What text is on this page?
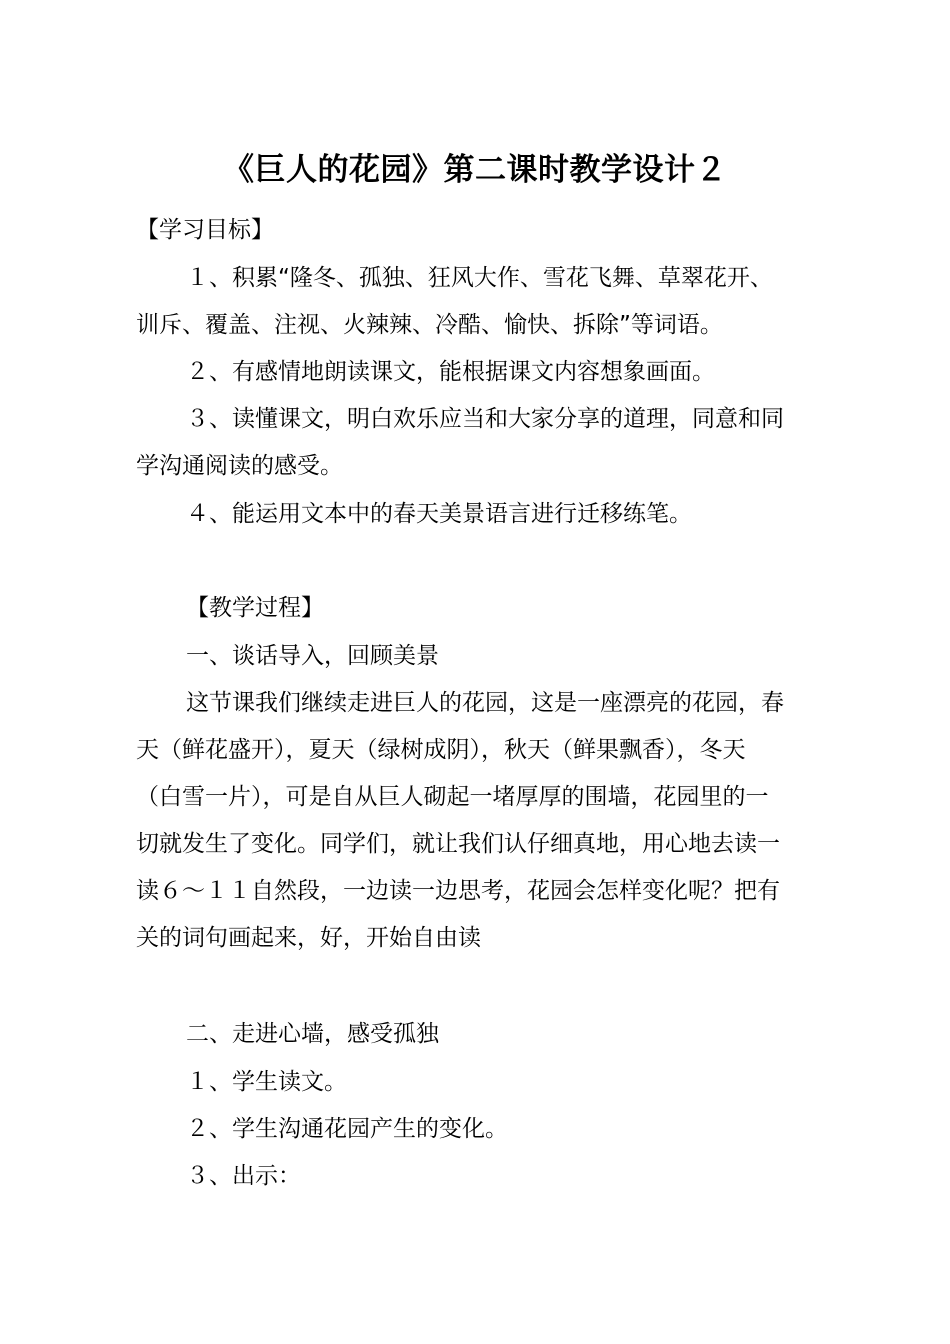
《巨人的花园》第二课时教学设计２
【学习目标】
１、积累“隆冬、孤独、狂风大作、雪花飞舞、草翠花开、
训斥、覆盖、注视、火辣辣、冷酷、愉快、拆除”等词语。
２、有感情地朗读课文，能根据课文内容想象画面。
３、读懂课文，明白欢乐应当和大家分享的道理，同意和同
学沟通阅读的感受。
４、能运用文本中的春天美景语言进行迁移练笔。
【教学过程】
一、谈话导入，回顾美景
这节课我们继续走进巨人的花园，这是一座漂亮的花园，春
天（鲜花盛开），夏天（绿树成阴），秋天（鲜果飘香），冬天
（白雪一片），可是自从巨人砌起一堵厚厚的围墙，花园里的一
切就发生了变化。同学们，就让我们认仔细真地，用心地去读一
读６～１１自然段，一边读一边思考，花园会怎样变化呢？把有
关的词句画起来，好，开始自由读
二、走进心墙，感受孤独
１、学生读文。
２、学生沟通花园产生的变化。
３、出示：
